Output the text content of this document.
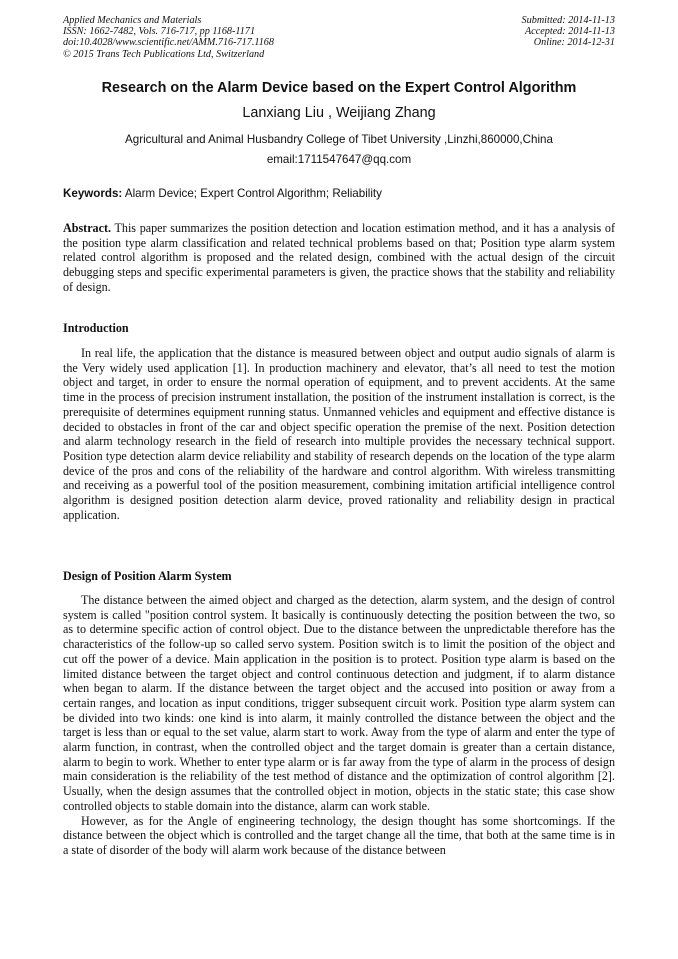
Applied Mechanics and Materials
ISSN: 1662-7482, Vols. 716-717, pp 1168-1171
doi:10.4028/www.scientific.net/AMM.716-717.1168
© 2015 Trans Tech Publications Ltd, Switzerland
Submitted: 2014-11-13
Accepted: 2014-11-13
Online: 2014-12-31
Research on the Alarm Device based on the Expert Control Algorithm
Lanxiang Liu , Weijiang Zhang
Agricultural and Animal Husbandry College of Tibet University ,Linzhi,860000,China
email:1711547647@qq.com
Keywords: Alarm Device; Expert Control Algorithm; Reliability

Abstract. This paper summarizes the position detection and location estimation method, and it has a analysis of the position type alarm classification and related technical problems based on that; Position type alarm system related control algorithm is proposed and the related design, combined with the actual design of the circuit debugging steps and specific experimental parameters is given, the practice shows that the stability and reliability of design.

Introduction

In real life, the application that the distance is measured between object and output audio signals of alarm is the Very widely used application [1]. In production machinery and elevator, that’s all need to test the motion object and target, in order to ensure the normal operation of equipment, and to prevent accidents. At the same time in the process of precision instrument installation, the position of the instrument installation is correct, is the prerequisite of determines equipment running status. Unmanned vehicles and equipment and effective distance is decided to obstacles in front of the car and object specific operation the premise of the next. Position detection and alarm technology research in the field of research into multiple provides the necessary technical support. Position type detection alarm device reliability and stability of research depends on the location of the type alarm device of the pros and cons of the reliability of the hardware and control algorithm. With wireless transmitting and receiving as a powerful tool of the position measurement, combining imitation artificial intelligence control algorithm is designed position detection alarm device, proved rationality and reliability design in practical application.

Design of Position Alarm System

The distance between the aimed object and charged as the detection, alarm system, and the design of control system is called "position control system. It basically is continuously detecting the position between the two, so as to determine specific action of control object. Due to the distance between the unpredictable therefore has the characteristics of the follow-up so called servo system. Position switch is to limit the position of the object and cut off the power of a device. Main application in the position is to protect. Position type alarm is based on the limited distance between the target object and control continuous detection and judgment, if to alarm distance when began to alarm. If the distance between the target object and the accused into position or away from a certain ranges, and location as input conditions, trigger subsequent circuit work. Position type alarm system can be divided into two kinds: one kind is into alarm, it mainly controlled the distance between the object and the target is less than or equal to the set value, alarm start to work. Away from the type of alarm and enter the type of alarm function, in contrast, when the controlled object and the target domain is greater than a certain distance, alarm to begin to work. Whether to enter type alarm or is far away from the type of alarm in the process of design main consideration is the reliability of the test method of distance and the optimization of control algorithm [2]. Usually, when the design assumes that the controlled object in motion, objects in the static state; this case show controlled objects to stable domain into the distance, alarm can work stable.

However, as for the Angle of engineering technology, the design thought has some shortcomings. If the distance between the object which is controlled and the target change all the time, that both at the same time is in a state of disorder of the body will alarm work because of the distance between
